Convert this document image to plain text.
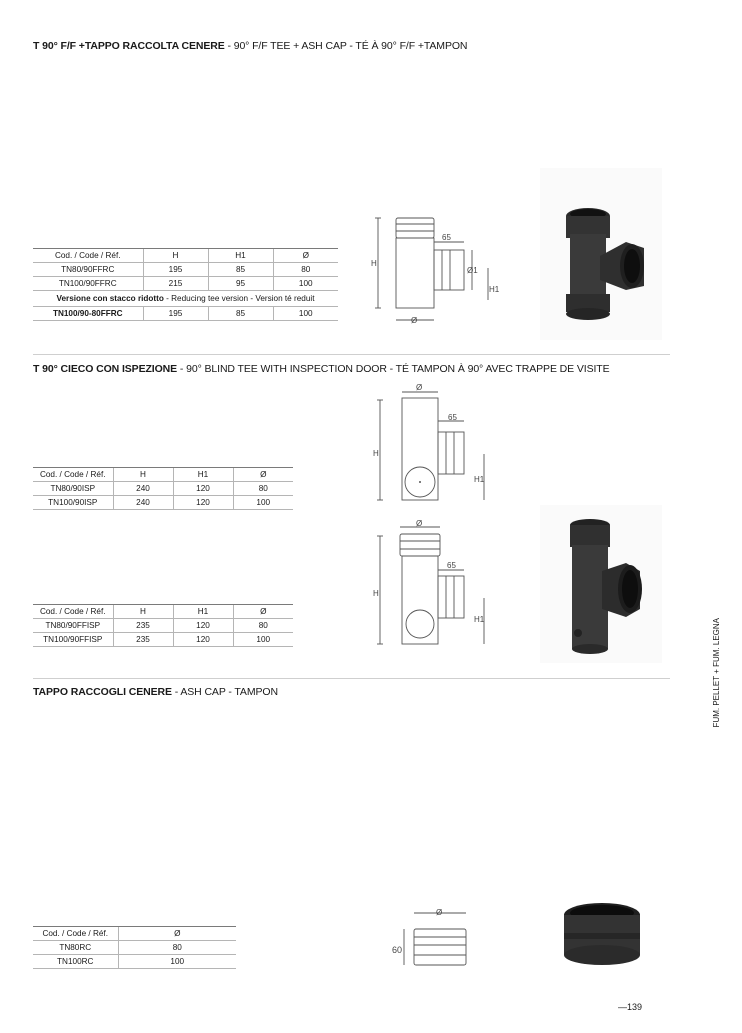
T 90° F/F +TAPPO RACCOLTA CENERE - 90° F/F TEE + ASH CAP - TÉ À 90° F/F +TAMPON
Cod. / Code / Réf.	H	H1	Ø
TN80/90FFRC	195	85	80
TN100/90FFRC	215	95	100
Versione con stacco ridotto - Reducing tee version - Version té reduit			
TN100/90-80FFRC	195	85	100
H
65
Ø1
H1
Ø
T 90° CIECO CON ISPEZIONE - 90° BLIND TEE WITH INSPECTION DOOR - TÉ TAMPON À 90° AVEC TRAPPE DE VISITE
Cod. / Code / Réf.	H	H1	Ø
TN80/90ISP	240	120	80
TN100/90ISP	240	120	100
H
Ø
65
H1
Cod. / Code / Réf.	H	H1	Ø
TN80/90FFISP	235	120	80
TN100/90FFISP	235	120	100
H
Ø
65
H1
TAPPO RACCOGLI CENERE - ASH CAP - TAMPON
Cod. / Code / Réf.	Ø
TN80RC	80
TN100RC	100
Ø
60
FUM. PELLET + FUM. LEGNA
—139
